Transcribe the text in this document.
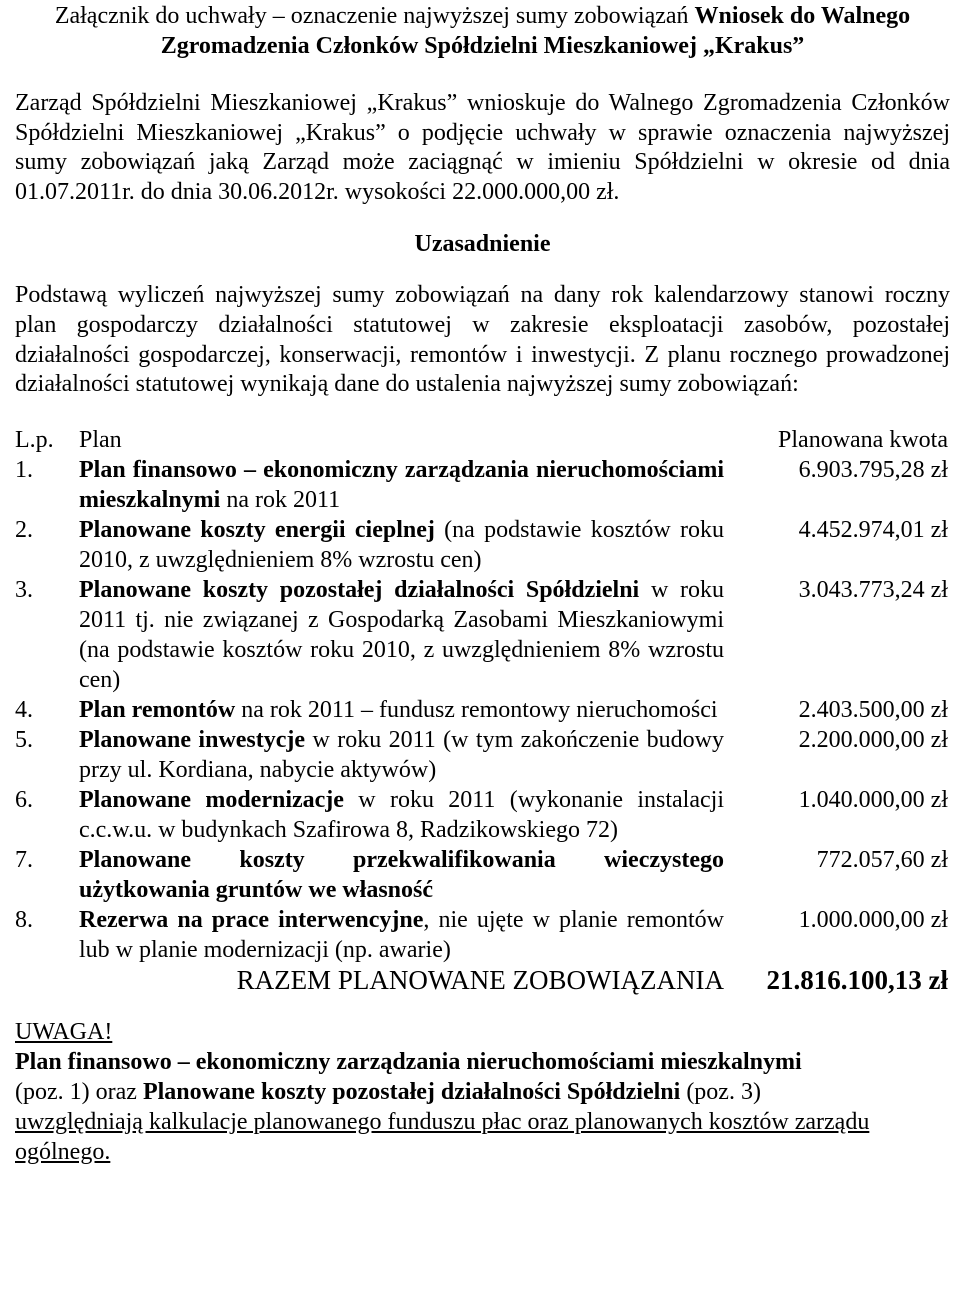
Załącznik do uchwały – oznaczenie najwyższej sumy zobowiązań Wniosek do Walnego Zgromadzenia Członków Spółdzielni Mieszkaniowej „Krakus”

Zarząd Spółdzielni Mieszkaniowej „Krakus” wnioskuje do Walnego Zgromadzenia Członków Spółdzielni Mieszkaniowej „Krakus” o podjęcie uchwały w sprawie oznaczenia najwyższej sumy zobowiązań jaką Zarząd może zaciągnąć w imieniu Spółdzielni w okresie od dnia 01.07.2011r. do dnia 30.06.2012r. wysokości 22.000.000,00 zł.

Uzasadnienie

Podstawą wyliczeń najwyższej sumy zobowiązań na dany rok kalendarzowy stanowi roczny plan gospodarczy działalności statutowej w zakresie eksploatacji zasobów, pozostałej działalności gospodarczej, konserwacji, remontów i inwestycji. Z planu rocznego prowadzonej działalności statutowej wynikają dane do ustalenia najwyższej sumy zobowiązań:

L.p.	Plan	Planowana kwota
1.	Plan finansowo – ekonomiczny zarządzania nieruchomościami mieszkalnymi na rok 2011	6.903.795,28 zł
2.	Planowane koszty energii cieplnej (na podstawie kosztów roku 2010, z uwzględnieniem 8% wzrostu cen)	4.452.974,01 zł
3.	Planowane koszty pozostałej działalności Spółdzielni w roku 2011 tj. nie związanej z Gospodarką Zasobami Mieszkaniowymi (na podstawie kosztów roku 2010, z uwzględnieniem 8% wzrostu cen)	3.043.773,24 zł
4.	Plan remontów na rok 2011 – fundusz remontowy nieruchomości	2.403.500,00 zł
5.	Planowane inwestycje w roku 2011 (w tym zakończenie budowy przy ul. Kordiana, nabycie aktywów)	2.200.000,00 zł
6.	Planowane modernizacje w roku 2011 (wykonanie instalacji c.c.w.u. w budynkach Szafirowa 8, Radzikowskiego 72)	1.040.000,00 zł
7.	Planowane koszty przekwalifikowania wieczystego użytkowania gruntów we własność	772.057,60 zł
8.	Rezerwa na prace interwencyjne, nie ujęte w planie remontów lub w planie modernizacji (np. awarie)	1.000.000,00 zł
	RAZEM PLANOWANE ZOBOWIĄZANIA	21.816.100,13 zł

UWAGA!

Plan finansowo – ekonomiczny zarządzania nieruchomościami mieszkalnymi

(poz. 1) oraz Planowane koszty pozostałej działalności Spółdzielni (poz. 3)

uwzględniają kalkulacje planowanego funduszu płac oraz planowanych kosztów zarządu ogólnego.
